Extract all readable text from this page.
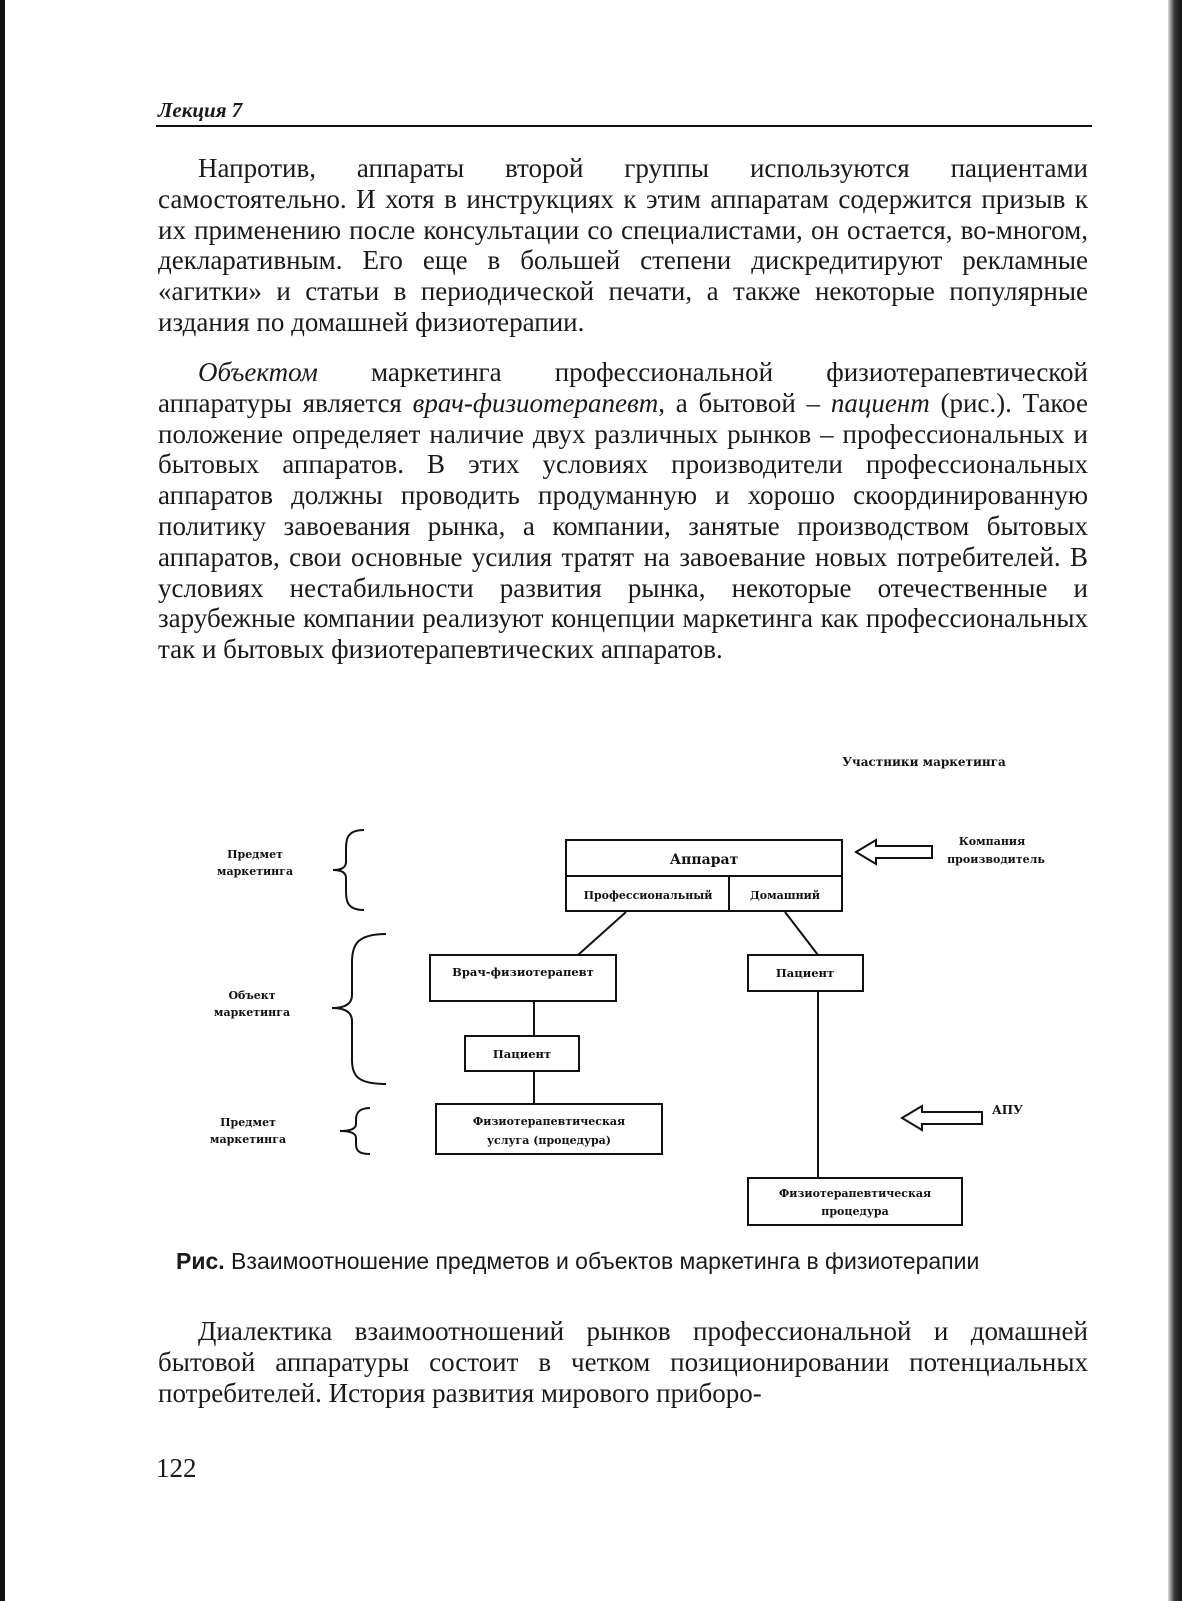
Лекция 7

Напротив, аппараты второй группы используются пациентами самостоятельно. И хотя в инструкциях к этим аппаратам содержится призыв к их применению после консультации со специалистами, он остается, во-многом, декларативным. Его еще в большей степени дискредитируют рекламные «агитки» и статьи в периодической печати, а также некоторые популярные издания по домашней физиотерапии.

Объектом маркетинга профессиональной физиотерапевтической аппаратуры является врач-физиотерапевт, а бытовой – пациент (рис.). Такое положение определяет наличие двух различных рынков – профессиональных и бытовых аппаратов. В этих условиях производители профессиональных аппаратов должны проводить продуманную и хорошо скоординированную политику завоевания рынка, а компании, занятые производством бытовых аппаратов, свои основные усилия тратят на завоевание новых потребителей. В условиях нестабильности развития рынка, некоторые отечественные и зарубежные компании реализуют концепции маркетинга как профессиональных так и бытовых физиотерапевтических аппаратов.

Участники маркетинга
Предмет
маркетинга
Объект
маркетинга
Предмет
маркетинга
Аппарат
Профессиональный	Домашний
Врач-физиотерапевт	Пациент
Пациент
Физиотерапевтическая
услуга (процедура)
Физиотерапевтическая
процедура
Компания
производитель
АПУ
Рис. Взаимоотношение предметов и объектов маркетинга в физиотерапии

Диалектика взаимоотношений рынков профессиональной и домашней бытовой аппаратуры состоит в четком позиционировании потенциальных потребителей. История развития мирового приборо-

122
